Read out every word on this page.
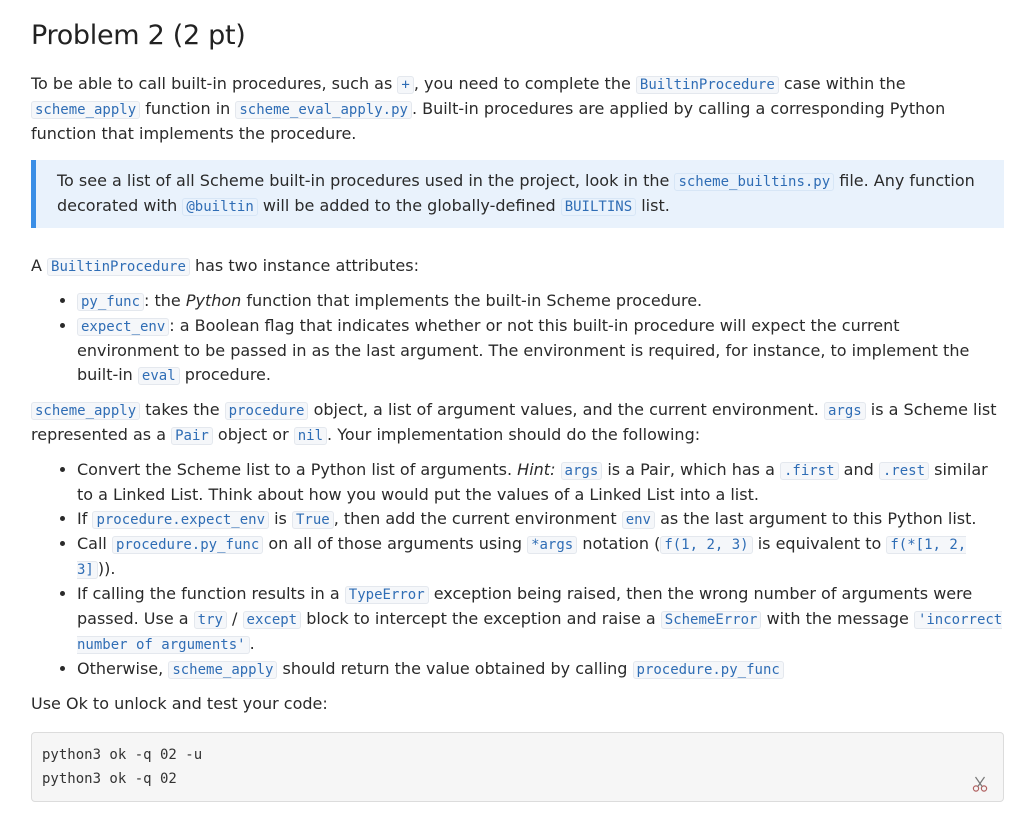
Problem 2 (2 pt)

To be able to call built-in procedures, such as + , you need to complete the BuiltinProcedure case within the scheme_apply function in scheme_eval_apply.py . Built-in procedures are applied by calling a corresponding Python function that implements the procedure.

To see a list of all Scheme built-in procedures used in the project, look in the scheme_builtins.py file. Any function decorated with @builtin will be added to the globally-defined BUILTINS list.

A BuiltinProcedure has two instance attributes:

• py_func : the Python function that implements the built-in Scheme procedure.
• expect_env : a Boolean flag that indicates whether or not this built-in procedure will expect the current environment to be passed in as the last argument. The environment is required, for instance, to implement the built-in eval procedure.

scheme_apply takes the procedure object, a list of argument values, and the current environment. args is a Scheme list represented as a Pair object or nil . Your implementation should do the following:

• Convert the Scheme list to a Python list of arguments. Hint: args is a Pair, which has a .first and .rest similar to a Linked List. Think about how you would put the values of a Linked List into a list.
• If procedure.expect_env is True , then add the current environment env as the last argument to this Python list.
• Call procedure.py_func on all of those arguments using *args notation ( f(1, 2, 3) is equivalent to f(*[1, 2, 3] )).
• If calling the function results in a TypeError exception being raised, then the wrong number of arguments were passed. Use a try / except block to intercept the exception and raise a SchemeError with the message 'incorrect number of arguments' .
• Otherwise, scheme_apply should return the value obtained by calling procedure.py_func

Use Ok to unlock and test your code:

python3 ok -q 02 -u
python3 ok -q 02
